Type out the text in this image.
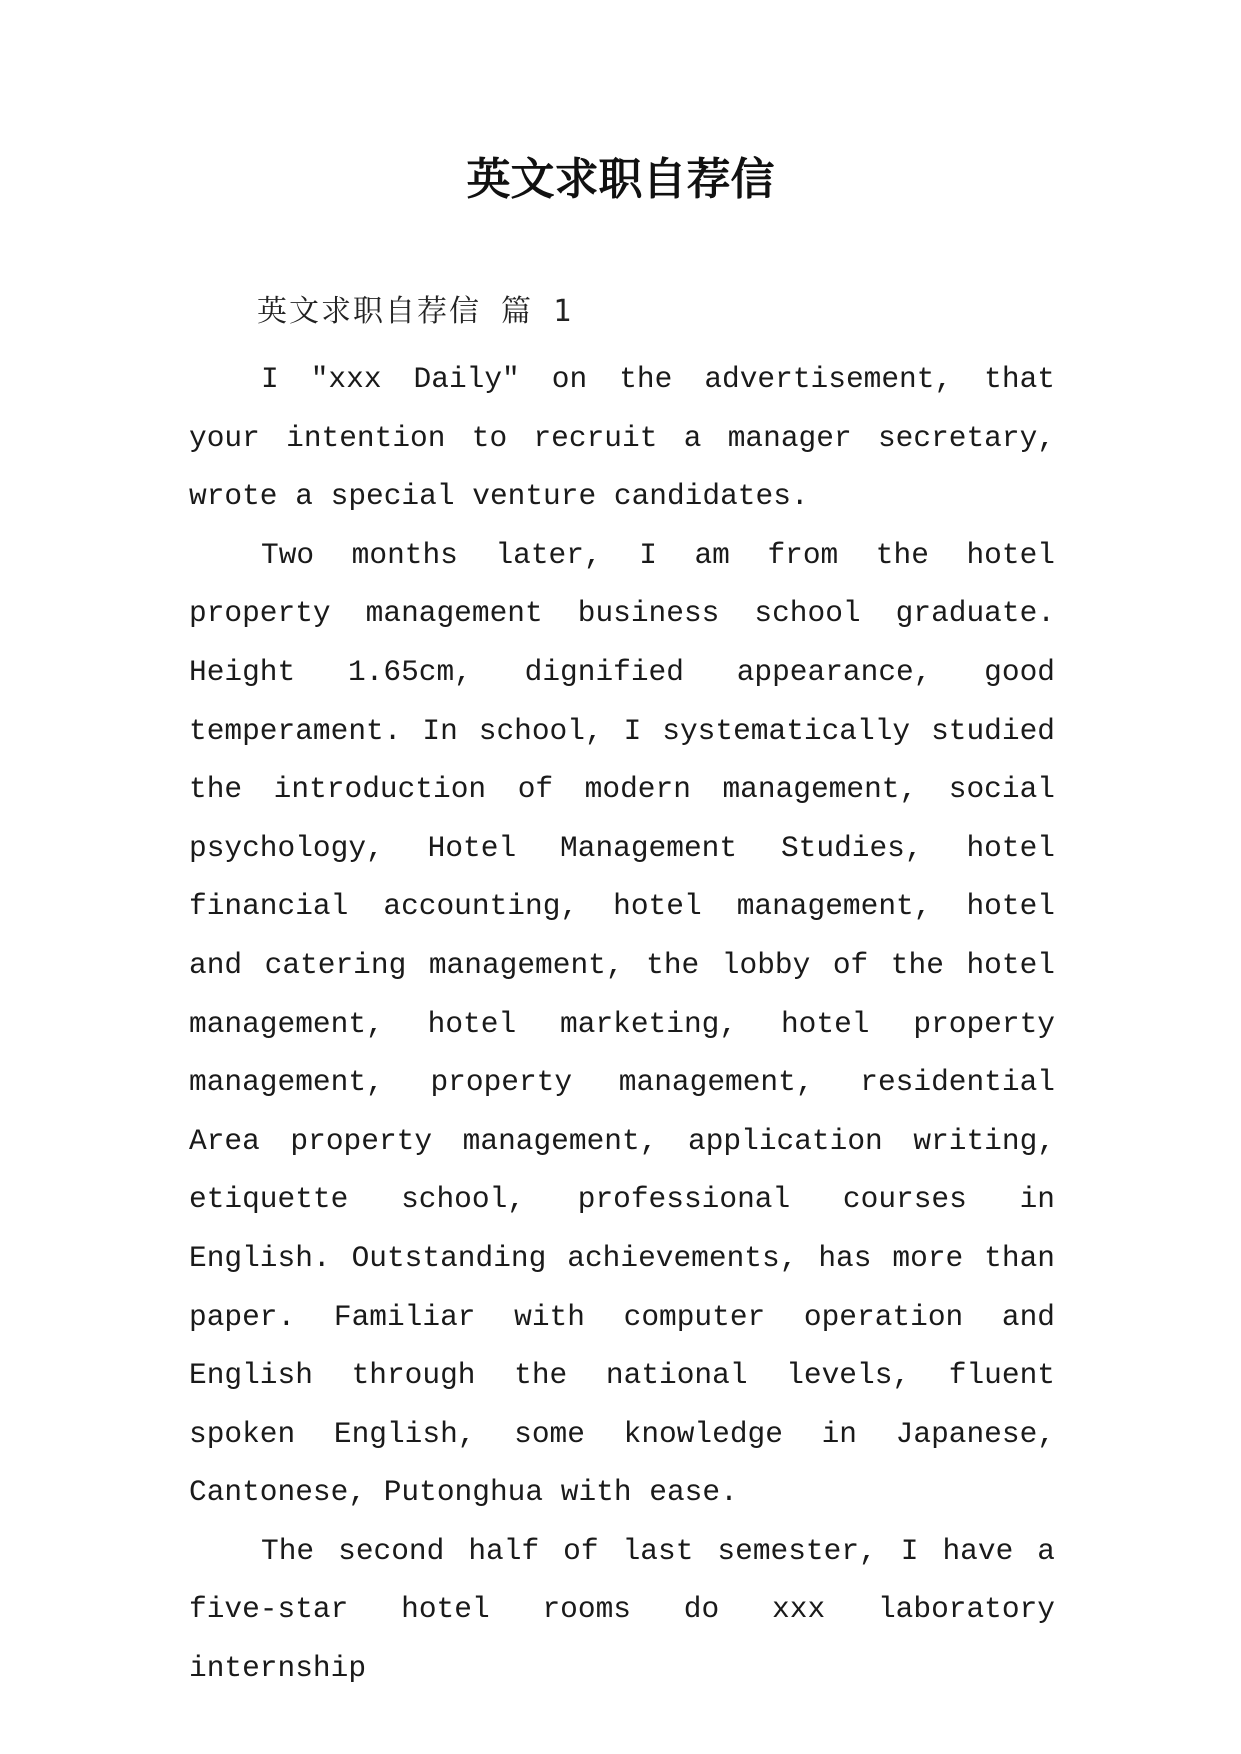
英文求职自荐信
英文求职自荐信 篇 1

I "xxx Daily" on the advertisement, that your intention to recruit a manager secretary, wrote a special venture candidates.

Two months later, I am from the hotel property management business school graduate. Height 1.65cm, dignified appearance, good temperament. In school, I systematically studied the introduction of modern management, social psychology, Hotel Management Studies, hotel financial accounting, hotel management, hotel and catering management, the lobby of the hotel management, hotel marketing, hotel property management, property management, residential Area property management, application writing, etiquette school, professional courses in English. Outstanding achievements, has more than paper. Familiar with computer operation and English through the national levels, fluent spoken English, some knowledge in Japanese, Cantonese, Putonghua with ease.

The second half of last semester, I have a five-star hotel rooms do xxx laboratory internship
